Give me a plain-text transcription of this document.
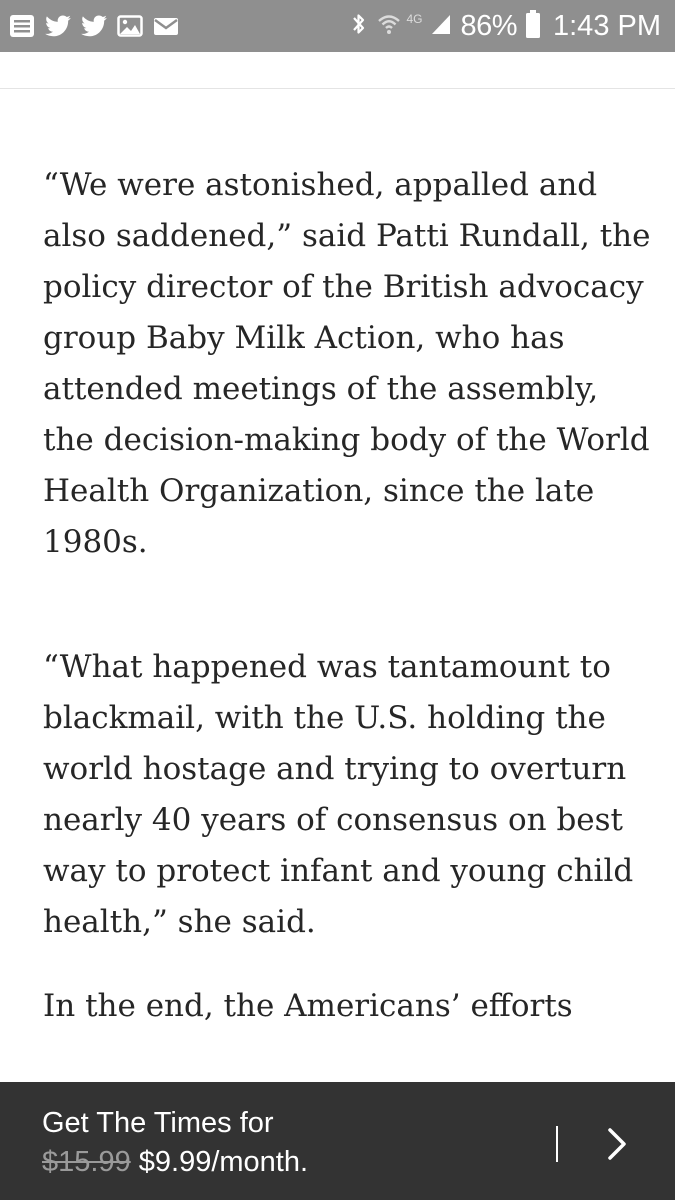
4G 86% 1:43 PM

“We were astonished, appalled and also saddened,” said Patti Rundall, the policy director of the British advocacy group Baby Milk Action, who has attended meetings of the assembly, the decision-making body of the World Health Organization, since the late 1980s.

“What happened was tantamount to blackmail, with the U.S. holding the world hostage and trying to overturn nearly 40 years of consensus on best way to protect infant and young child health,” she said.

In the end, the Americans’ efforts

Get The Times for
$15.99 $9.99/month.
